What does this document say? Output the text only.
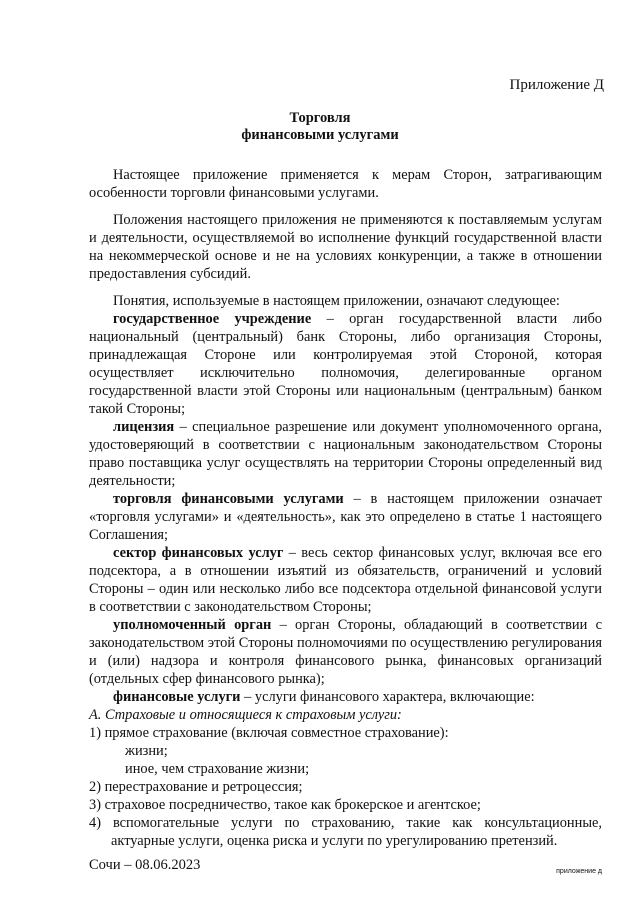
Приложение Д
Торговля
финансовыми услугами

Настоящее приложение применяется к мерам Сторон, затрагивающим особенности торговли финансовыми услугами.

Положения настоящего приложения не применяются к поставляемым услугам и деятельности, осуществляемой во исполнение функций государственной власти на некоммерческой основе и не на условиях конкуренции, а также в отношении предоставления субсидий.

Понятия, используемые в настоящем приложении, означают следующее:

государственное учреждение – орган государственной власти либо национальный (центральный) банк Стороны, либо организация Стороны, принадлежащая Стороне или контролируемая этой Стороной, которая осуществляет исключительно полномочия, делегированные органом государственной власти этой Стороны или национальным (центральным) банком такой Стороны;

лицензия – специальное разрешение или документ уполномоченного органа, удостоверяющий в соответствии с национальным законодательством Стороны право поставщика услуг осуществлять на территории Стороны определенный вид деятельности;

торговля финансовыми услугами – в настоящем приложении означает «торговля услугами» и «деятельность», как это определено в статье 1 настоящего Соглашения;

сектор финансовых услуг – весь сектор финансовых услуг, включая все его подсектора, а в отношении изъятий из обязательств, ограничений и условий Стороны – один или несколько либо все подсектора отдельной финансовой услуги в соответствии с законодательством Стороны;

уполномоченный орган – орган Стороны, обладающий в соответствии с законодательством этой Стороны полномочиями по осуществлению регулирования и (или) надзора и контроля финансового рынка, финансовых организаций (отдельных сфер финансового рынка);

финансовые услуги – услуги финансового характера, включающие:

А. Страховые и относящиеся к страховым услуги:

1) прямое страхование (включая совместное страхование):

жизни;

иное, чем страхование жизни;

2) перестрахование и ретроцессия;

3) страховое посредничество, такое как брокерское и агентское;

4) вспомогательные услуги по страхованию, такие как консультационные, актуарные услуги, оценка риска и услуги по урегулированию претензий.

Сочи – 08.06.2023	приложение д
